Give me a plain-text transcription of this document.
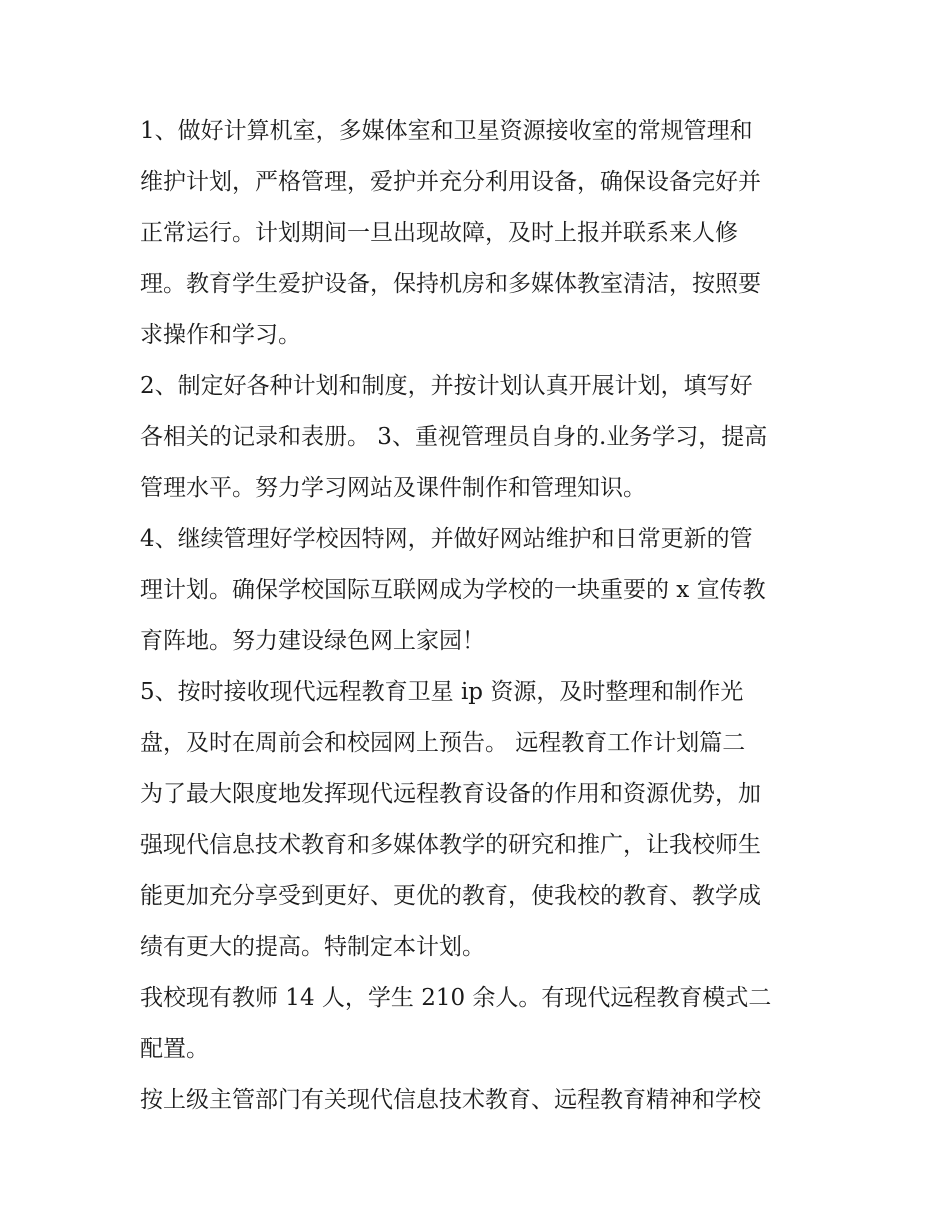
1、做好计算机室，多媒体室和卫星资源接收室的常规管理和
维护计划，严格管理，爱护并充分利用设备，确保设备完好并
正常运行。计划期间一旦出现故障，及时上报并联系来人修
理。教育学生爱护设备，保持机房和多媒体教室清洁，按照要
求操作和学习。
2、制定好各种计划和制度，并按计划认真开展计划，填写好
各相关的记录和表册。 3、重视管理员自身的.业务学习，提高
管理水平。努力学习网站及课件制作和管理知识。
4、继续管理好学校因特网，并做好网站维护和日常更新的管
理计划。确保学校国际互联网成为学校的一块重要的 x 宣传教
育阵地。努力建设绿色网上家园！
5、按时接收现代远程教育卫星 ip 资源，及时整理和制作光
盘，及时在周前会和校园网上预告。 远程教育工作计划篇二
为了最大限度地发挥现代远程教育设备的作用和资源优势，加
强现代信息技术教育和多媒体教学的研究和推广，让我校师生
能更加充分享受到更好、更优的教育，使我校的教育、教学成
绩有更大的提高。特制定本计划。
我校现有教师 14 人，学生 210 余人。有现代远程教育模式二
配置。
按上级主管部门有关现代信息技术教育、远程教育精神和学校
